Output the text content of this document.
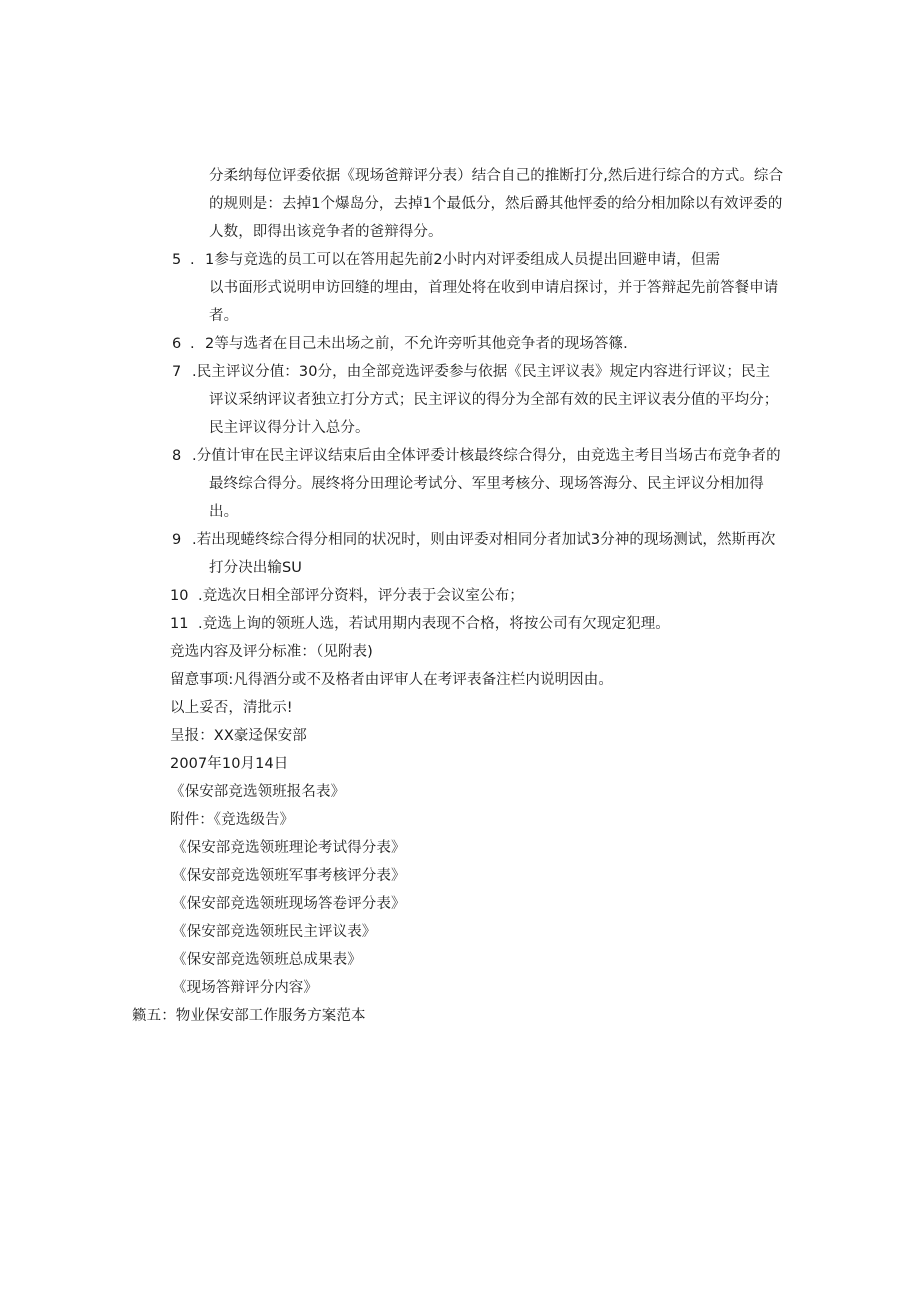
分柔纳每位评委依据《现场爸辩评分表）结合自己的推断打分,然后进行综合的方式。综合
的规则是：去掉1个爆岛分，去掉1个最低分，然后爵其他怦委的给分相加除以有效评委的
人数，即得出该竞争者的爸辩得分。
5 . 1参与竞选的员工可以在答用起先前2小时内对评委组成人员提出回避申请，但需
以书面形式说明申访回缝的埋由，首理处将在收到申请启探讨，并于答辩起先前答餐申请
者。
6 . 2等与选者在目己未出场之前，不允许旁听其他竞争者的现场答篠.
7 .民主评议分值：30分，由全部竞选评委参与依据《民主评议表》规定内容进行评议；民主
评议采纳评议者独立打分方式；民主评议的得分为全部有效的民主评议表分值的平均分；
民主评议得分计入总分。
8 .分值计审在民主评议结束后由全体评委计核最终综合得分，由竞选主考目当场古布竞争者的
最终综合得分。展终将分田理论考试分、军里考核分、现场答海分、民主评议分相加得
出。
9 .若出现蜷终综合得分相同的状况时，则由评委对相同分者加试3分神的现场测试，然斯再次
打分决出输SU
10 .竞选次日相全部评分资料，评分表于会议室公布；
11 .竞选上询的领班人选，若试用期内表现不合格，将按公司有欠现定犯理。
竞选内容及评分标准：（见附表)
留意事项:凡得酒分或不及格者由评审人在考评表备注栏内说明因由。
以上妥否，清批示!
呈报：XX豪迳保安部
2007年10月14日
《保安部竞选领班报名表》
附件：《竞选级告》
《保安部竞选领班理论考试得分表》
《保安部竞选领班军事考核评分表》
《保安部竞选领班现场答卷评分表》
《保安部竞选领班民主评议表》
《保安部竞选领班总成果表》
《现场答辩评分内容》
籁五：物业保安部工作服务方案范本
